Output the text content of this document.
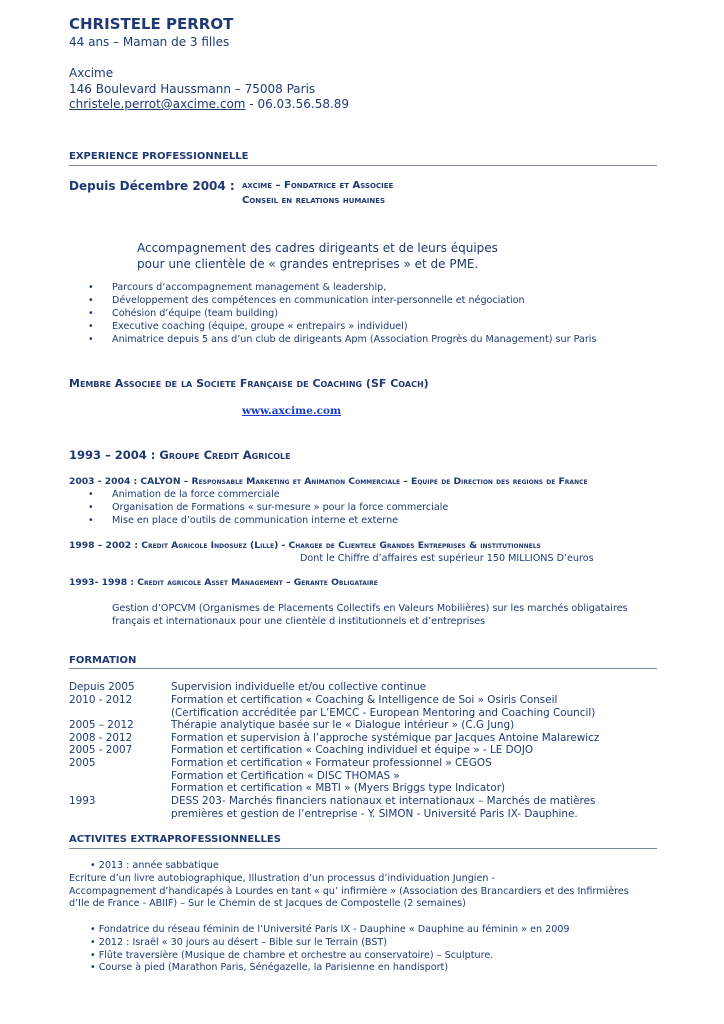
CHRISTELE PERROT
44 ans – Maman de 3 filles
Axcime
146 Boulevard Haussmann – 75008 Paris
christele.perrot@axcime.com - 06.03.56.58.89
EXPERIENCE PROFESSIONNELLE
Depuis Décembre 2004 : axcime – Fondatrice et Associee
Conseil en relations humaines
Accompagnement des cadres dirigeants et de leurs équipes
pour une clientèle de « grandes entreprises » et de PME.
• Parcours d’accompagnement management & leadership,
• Développement des compétences en communication inter-personnelle et négociation
• Cohésion d’équipe (team building)
• Executive coaching (équipe, groupe « entrepairs » individuel)
• Animatrice depuis 5 ans d’un club de dirigeants Apm (Association Progrès du Management) sur Paris
Membre Associee de la Societe Française de Coaching (SF Coach)
www.axcime.com
1993 – 2004 : Groupe Credit Agricole
2003 - 2004 : CALYON – Responsable Marketing et Animation Commerciale – Equipe de Direction des regions de France
• Animation de la force commerciale
• Organisation de Formations « sur-mesure » pour la force commerciale
• Mise en place d’outils de communication interne et externe
1998 – 2002 : Credit Agricole Indosuez (Lille) - Chargee de Clientele Grandes Entreprises & institutionnels
Dont le Chiffre d’affaires est supérieur 150 MILLIONS D’euros
1993- 1998 : Credit agricole Asset Management – Gerante Obligataire
Gestion d’OPCVM (Organismes de Placements Collectifs en Valeurs Mobilières) sur les marchés obligataires
français et internationaux pour une clientèle d institutionnels et d’entreprises
FORMATION
Depuis 2005	Supervision individuelle et/ou collective continue
2010 - 2012	Formation et certification « Coaching & Intelligence de Soi » Osiris Conseil
(Certification accréditée par L’EMCC - European Mentoring and Coaching Council)
2005 – 2012	Thérapie analytique basée sur le « Dialogue intérieur » (C.G Jung)
2008 - 2012	Formation et supervision à l’approche systémique par Jacques Antoine Malarewicz
2005 - 2007	Formation et certification « Coaching individuel et équipe » - LE DOJO
2005	Formation et certification « Formateur professionnel » CEGOS
Formation et Certification « DISC THOMAS »
Formation et certification « MBTI » (Myers Briggs type Indicator)
1993	DESS 203- Marchés financiers nationaux et internationaux – Marchés de matières
premières et gestion de l’entreprise - Y. SIMON - Université Paris IX- Dauphine.
ACTIVITES EXTRAPROFESSIONNELLES
• 2013 : année sabbatique
Ecriture d’un livre autobiographique, Illustration d’un processus d’individuation Jungien -
Accompagnement d’handicapés à Lourdes en tant « qu’ infirmière » (Association des Brancardiers et des Infirmières
d’Ile de France - ABIIF) – Sur le Chemin de st Jacques de Compostelle (2 semaines)
• Fondatrice du réseau féminin de l’Université Paris IX - Dauphine « Dauphine au féminin » en 2009
• 2012 : Israël « 30 jours au désert – Bible sur le Terrain (BST)
• Flûte traversière (Musique de chambre et orchestre au conservatoire) – Sculpture.
• Course à pied (Marathon Paris, Sénégazelle, la Parisienne en handisport)
